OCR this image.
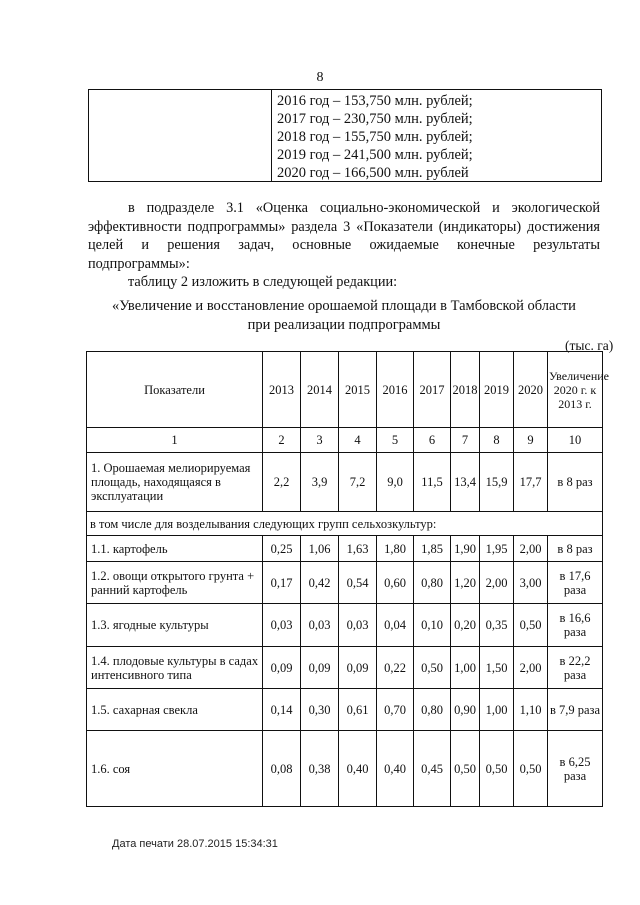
8
2016 год – 153,750 млн. рублей;
2017 год – 230,750 млн. рублей;
2018 год – 155,750 млн. рублей;
2019 год – 241,500 млн. рублей;
2020 год – 166,500 млн. рублей
в подразделе 3.1 «Оценка социально-экономической и экологической эффективности подпрограммы» раздела 3 «Показатели (индикаторы) достижения целей и решения задач, основные ожидаемые конечные результаты подпрограммы»:
таблицу 2 изложить в следующей редакции:
«Увеличение и восстановление орошаемой площади в Тамбовской области
при реализации подпрограммы
(тыс. га)
Показатели	2013	2014	2015	2016	2017	2018	2019	2020	Увеличение 2020 г. к 2013 г.
1	2	3	4	5	6	7	8	9	10
1. Орошаемая мелиорируемая площадь, находящаяся в эксплуатации	2,2	3,9	7,2	9,0	11,5	13,4	15,9	17,7	в 8 раз
в том числе для возделывания следующих групп сельхозкультур:									
1.1. картофель	0,25	1,06	1,63	1,80	1,85	1,90	1,95	2,00	в 8 раз
1.2. овощи открытого грунта + ранний картофель	0,17	0,42	0,54	0,60	0,80	1,20	2,00	3,00	в 17,6 раза
1.3. ягодные культуры	0,03	0,03	0,03	0,04	0,10	0,20	0,35	0,50	в 16,6 раза
1.4. плодовые культуры в садах интенсивного типа	0,09	0,09	0,09	0,22	0,50	1,00	1,50	2,00	в 22,2 раза
1.5. сахарная свекла	0,14	0,30	0,61	0,70	0,80	0,90	1,00	1,10	в 7,9 раза
1.6. соя	0,08	0,38	0,40	0,40	0,45	0,50	0,50	0,50	в 6,25 раза
Дата печати 28.07.2015 15:34:31
